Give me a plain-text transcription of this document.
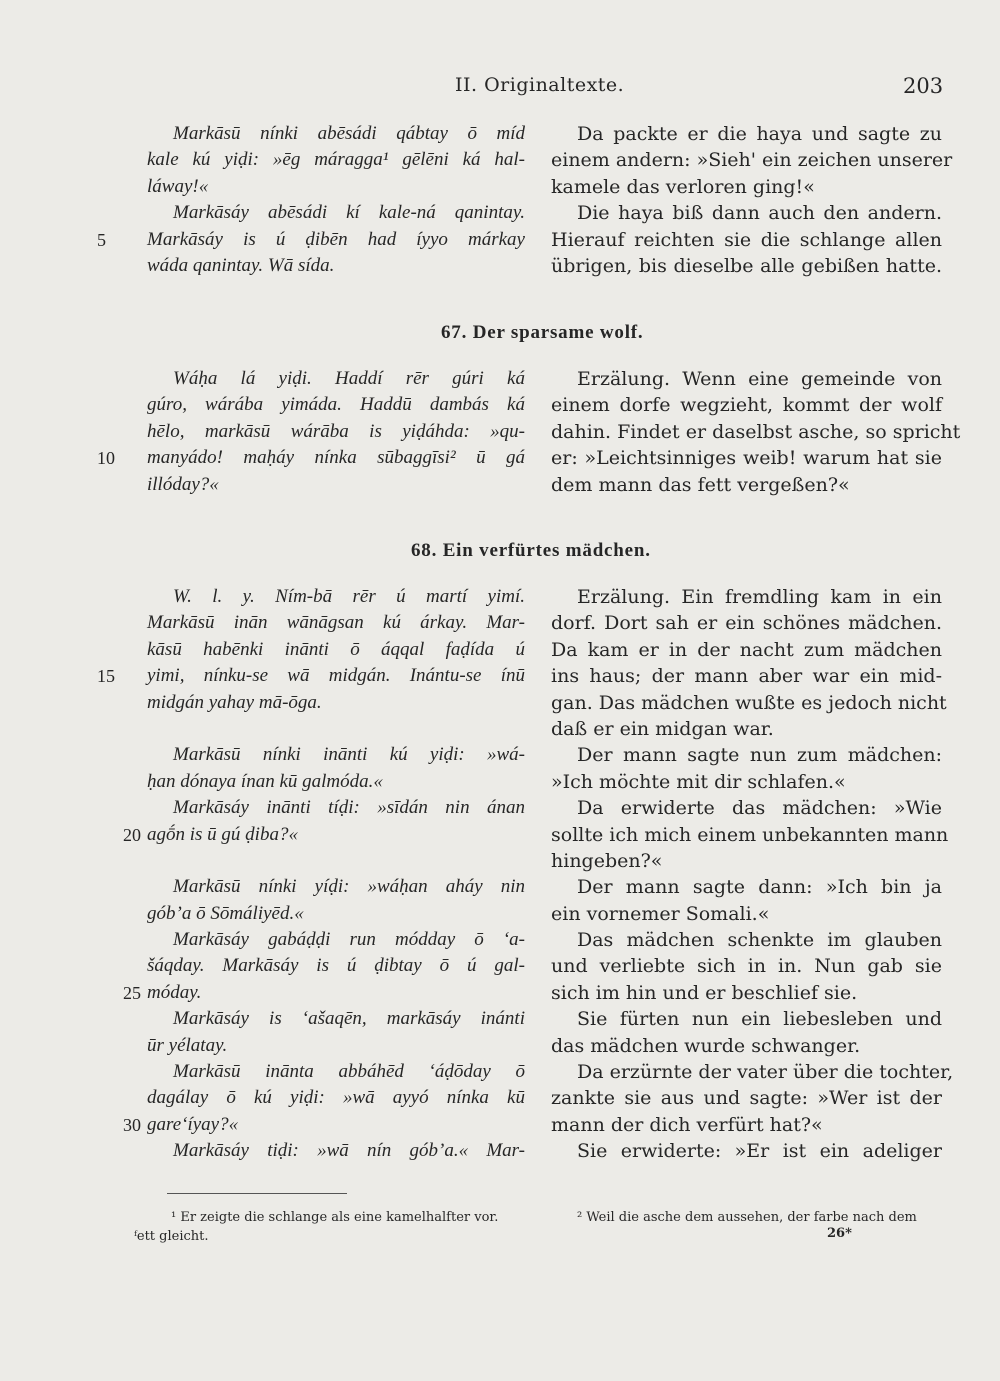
II. Originaltexte.	203
Markāsū nínki abēsádi qábtay ō míd
kale kú yiḍi: »ēg máragga¹ gēlēni ká hal-
láway!«
Markāsáy abēsádi kí kale-ná qanintay.
Markāsáy is ú ḍibēn had íyyo márkay
5
wáda qanintay. Wā sída.
Da packte er die haya und sagte zu
einem andern: »Sieh' ein zeichen unserer
kamele das verloren ging!«
Die haya biß dann auch den andern.
Hierauf reichten sie die schlange allen
übrigen, bis dieselbe alle gebißen hatte.
67. Der sparsame wolf.
Wáḥa lá yiḍi. Haddí rēr gúri ká
gúro, wárába yimáda. Haddū dambás ká
hēlo, markāsū wárāba is yiḍáhda: »qu-
manyádo! maḥáy nínka sūbaggīsi² ū gá
10
illóday?«
Erzälung. Wenn eine gemeinde von
einem dorfe wegzieht, kommt der wolf
dahin. Findet er daselbst asche, so spricht
er: »Leichtsinniges weib! warum hat sie
dem mann das fett vergeßen?«
68. Ein verfürtes mädchen.
W. l. y. Ním-bā rēr ú martí yimí.
Markāsū inān wānāgsan kú árkay. Mar-
kāsū habēnki inānti ō áqqal faḍída ú
yimi, nínku-se wā midgán. Inántu-se ínū
15
midgán yahay mā-ōga.
Markāsū nínki inānti kú yiḍi: »wá-
ḥan dónaya ínan kū galmóda.«
Markāsáy inānti tíḍi: »sīdán nin ánan
agṓn is ū gú ḍiba?«
20
Markāsū nínki yíḍi: »wáḥan aháy nin
góbʼa ō Sōmáliyēd.«
Markāsáy gabáḍḍi run módday ō ʻa-
šáqday. Markāsáy is ú ḍibtay ō ú gal-
móday.
25
Markāsáy is ʻašaqēn, markāsáy inánti
ūr yélatay.
Markāsū inānta abbáhēd ʻáḍōday ō
dagálay ō kú yiḍi: »wā ayyó nínka kū
gareʻíyay?«
30
Markāsáy tiḍi: »wā nín góbʼa.« Mar-
Erzälung. Ein fremdling kam in ein
dorf. Dort sah er ein schönes mädchen.
Da kam er in der nacht zum mädchen
ins haus; der mann aber war ein mid-
gan. Das mädchen wußte es jedoch nicht
daß er ein midgan war.
Der mann sagte nun zum mädchen:
»Ich möchte mit dir schlafen.«
Da erwiderte das mädchen: »Wie
sollte ich mich einem unbekannten mann
hingeben?«
Der mann sagte dann: »Ich bin ja
ein vornemer Somali.«
Das mädchen schenkte im glauben
und verliebte sich in in. Nun gab sie
sich im hin und er beschlief sie.
Sie fürten nun ein liebesleben und
das mädchen wurde schwanger.
Da erzürnte der vater über die tochter,
zankte sie aus und sagte: »Wer ist der
mann der dich verfürt hat?«
Sie erwiderte: »Er ist ein adeliger
¹ Er zeigte die schlange als eine kamelhalfter vor.
ᶠett gleicht.
² Weil die asche dem aussehen, der farbe nach dem
26*
